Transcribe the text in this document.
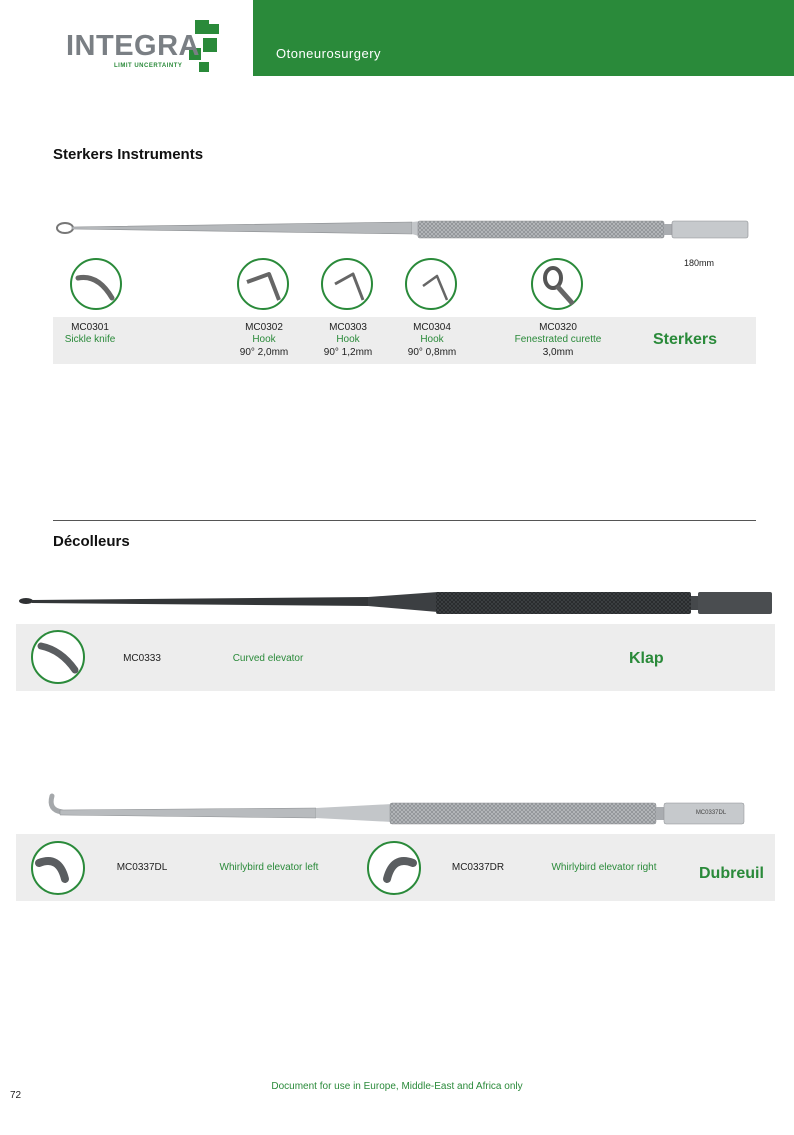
Otoneurosurgery
INTEGRA
LIMIT UNCERTAINTY
Sterkers Instruments
180mm
MC0301
Sickle knife
MC0302
Hook
90° 2,0mm
MC0303
Hook
90° 1,2mm
MC0304
Hook
90° 0,8mm
MC0320
Fenestrated curette
3,0mm
Sterkers
Décolleurs
MC0333	Curved elevator	Klap
MC0337DL
MC0337DL	Whirlybird elevator left	MC0337DR	Whirlybird elevator right	Dubreuil
Document for use in Europe, Middle-East and Africa only
72
